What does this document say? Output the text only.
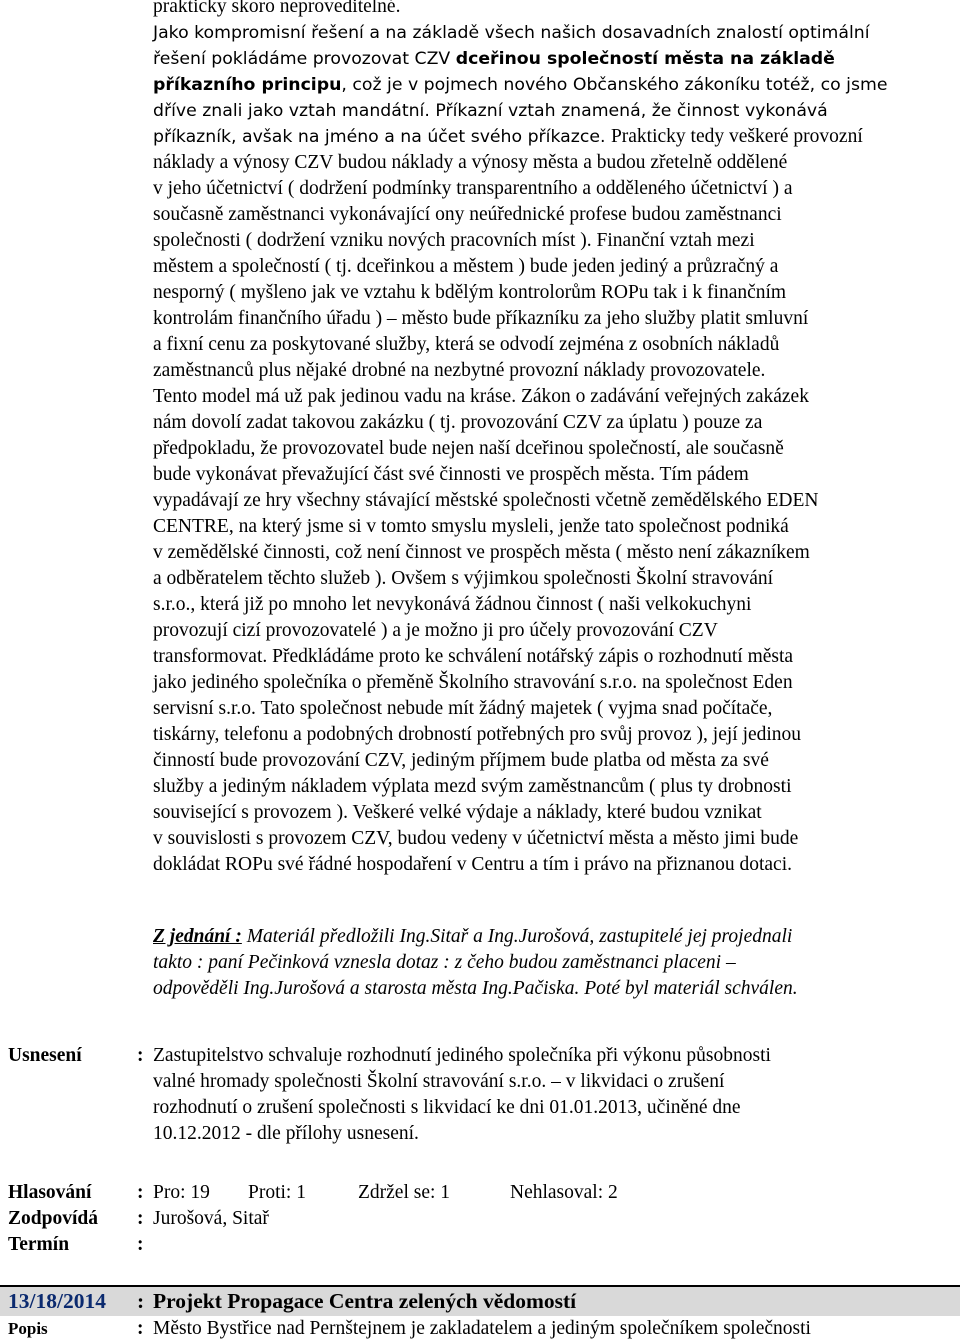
prakticky skoro neproveditelné.
Jako kompromisní řešení a na základě všech našich dosavadních znalostí optimální
řešení pokládáme provozovat CZV dceřinou společností města na základě
příkazního principu, což je v pojmech nového Občanského zákoníku totéž, co jsme
dříve znali jako vztah mandátní. Příkazní vztah znamená, že činnost vykonává
příkazník, avšak na jméno a na účet svého příkazce. Prakticky tedy veškeré provozní
náklady a výnosy CZV budou náklady a výnosy města a budou zřetelně oddělené
v jeho účetnictví ( dodržení podmínky transparentního a odděleného účetnictví ) a
současně zaměstnanci vykonávající ony neúřednické profese budou zaměstnanci
společnosti ( dodržení vzniku nových pracovních míst ). Finanční vztah mezi
městem a společností ( tj. dceřinkou a městem ) bude jeden jediný a průzračný a
nesporný ( myšleno jak ve vztahu k bdělým kontrolorům ROPu tak i k finančním
kontrolám finančního úřadu ) – město bude příkazníku za jeho služby platit smluvní
a fixní cenu za poskytované služby, která se odvodí zejména z osobních nákladů
zaměstnanců plus nějaké drobné na nezbytné provozní náklady provozovatele.
Tento model má už pak jedinou vadu na kráse. Zákon o zadávání veřejných zakázek
nám dovolí zadat takovou zakázku ( tj. provozování CZV za úplatu ) pouze za
předpokladu, že provozovatel bude nejen naší dceřinou společností, ale současně
bude vykonávat převažující část své činnosti ve prospěch města. Tím pádem
vypadávají ze hry všechny stávající městské společnosti včetně zemědělského EDEN
CENTRE, na který jsme si v tomto smyslu mysleli, jenže tato společnost podniká
v zemědělské činnosti, což není činnost ve prospěch města ( město není zákazníkem
a odběratelem těchto služeb ). Ovšem s výjimkou společnosti Školní stravování
s.r.o., která již po mnoho let nevykonává žádnou činnost ( naši velkokuchyni
provozují cizí provozovatelé ) a je možno ji pro účely provozování CZV
transformovat. Předkládáme proto ke schválení notářský zápis o rozhodnutí města
jako jediného společníka o přeměně Školního stravování s.r.o. na společnost Eden
servisní s.r.o. Tato společnost nebude mít žádný majetek ( vyjma snad počítače,
tiskárny, telefonu a podobných drobností potřebných pro svůj provoz ), její jedinou
činností bude provozování CZV, jediným příjmem bude platba od města za své
služby a jediným nákladem výplata mezd svým zaměstnancům ( plus ty drobnosti
související s provozem ). Veškeré velké výdaje a náklady, které budou vznikat
v souvislosti s provozem CZV, budou vedeny v účetnictví města a město jimi bude
dokládat ROPu své řádné hospodaření v Centru a tím i právo na přiznanou dotaci.
Z jednání : Materiál předložili Ing.Sitař a Ing.Jurošová, zastupitelé jej projednali
takto : paní Pečinková vznesla dotaz : z čeho budou zaměstnanci placeni –
odpověděli Ing.Jurošová a starosta města Ing.Pačiska. Poté byl materiál schválen.
Usnesení	: Zastupitelstvo schvaluje rozhodnutí jediného společníka při výkonu působnosti
valné hromady společnosti Školní stravování s.r.o. – v likvidaci o zrušení
rozhodnutí o zrušení společnosti s likvidací ke dni 01.01.2013, učiněné dne
10.12.2012 - dle přílohy usnesení.
Hlasování : Pro: 19 Proti: 1	Zdržel se: 1	Nehlasoval: 2
Zodpovídá : Jurošová, Sitař
Termín	:
13/18/2014 : Projekt Propagace Centra zelených vědomostí
Popis	: Město Bystřice nad Pernštejnem je zakladatelem a jediným společníkem společnosti
